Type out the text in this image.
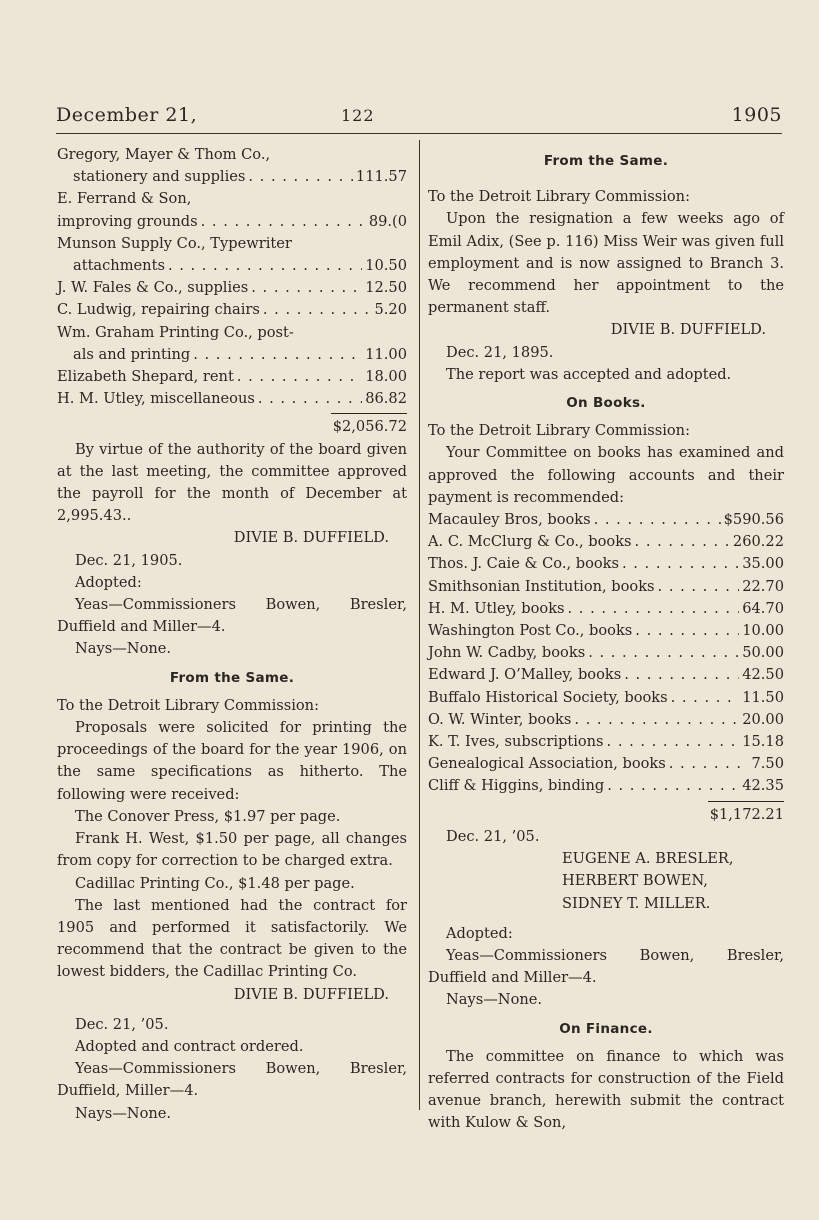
December 21,	122	1905
Gregory, Mayer & Thom Co.,
stationery and supplies . . .	111.57
E. Ferrand & Son,
improving grounds . . .	89.(0
Munson Supply Co., Typewriter
attachments . . .	10.50
J. W. Fales & Co., supplies . . .	12.50
C. Ludwig, repairing chairs . . .	5.20
Wm. Graham Printing Co., post-
als and printing . . .	11.00
Elizabeth Shepard, rent . . .	18.00
H. M. Utley, miscellaneous . . .	86.82
$2,056.72
By virtue of the authority of the board given at the last meeting, the committee approved the payroll for the month of December at 2,995.43..
DIVIE B. DUFFIELD.
Dec. 21, 1905.
Adopted:
Yeas—Commissioners Bowen, Bresler, Duffield and Miller—4.
Nays—None.
From the Same.
To the Detroit Library Commission:
Proposals were solicited for printing the proceedings of the board for the year 1906, on the same specifications as hitherto. The following were received:
The Conover Press, $1.97 per page.
Frank H. West, $1.50 per page, all changes from copy for correction to be charged extra.
Cadillac Printing Co., $1.48 per page.
The last mentioned had the contract for 1905 and performed it satisfactorily. We recommend that the contract be given to the lowest bidders, the Cadillac Printing Co.
DIVIE B. DUFFIELD.
Dec. 21, ’05.
Adopted and contract ordered.
Yeas—Commissioners Bowen, Bresler, Duffield, Miller—4.
Nays—None.
From the Same.
To the Detroit Library Commission:
Upon the resignation a few weeks ago of Emil Adix, (See p. 116) Miss Weir was given full employment and is now assigned to Branch 3. We recommend her appointment to the permanent staff.
DIVIE B. DUFFIELD.
Dec. 21, 1895.
The report was accepted and adopted.
On Books.
To the Detroit Library Commission:
Your Committee on books has examined and approved the following accounts and their payment is recommended:
Macauley Bros, books . . .	$590.56
A. C. McClurg & Co., books . . .	260.22
Thos. J. Caie & Co., books . . .	35.00
Smithsonian Institution, books . . .	22.70
H. M. Utley, books . . .	64.70
Washington Post Co., books . . .	10.00
John W. Cadby, books . . .	50.00
Edward J. O’Malley, books . . .	42.50
Buffalo Historical Society, books . . .	11.50
O. W. Winter, books . . .	20.00
K. T. Ives, subscriptions . . .	15.18
Genealogical Association, books . . .	7.50
Cliff & Higgins, binding . . .	42.35
$1,172.21
Dec. 21, ’05.
EUGENE A. BRESLER,
HERBERT BOWEN,
SIDNEY T. MILLER.
Adopted:
Yeas—Commissioners Bowen, Bresler, Duffield and Miller—4.
Nays—None.
On Finance.
The committee on finance to which was referred contracts for construction of the Field avenue branch, herewith submit the contract with Kulow & Son,
